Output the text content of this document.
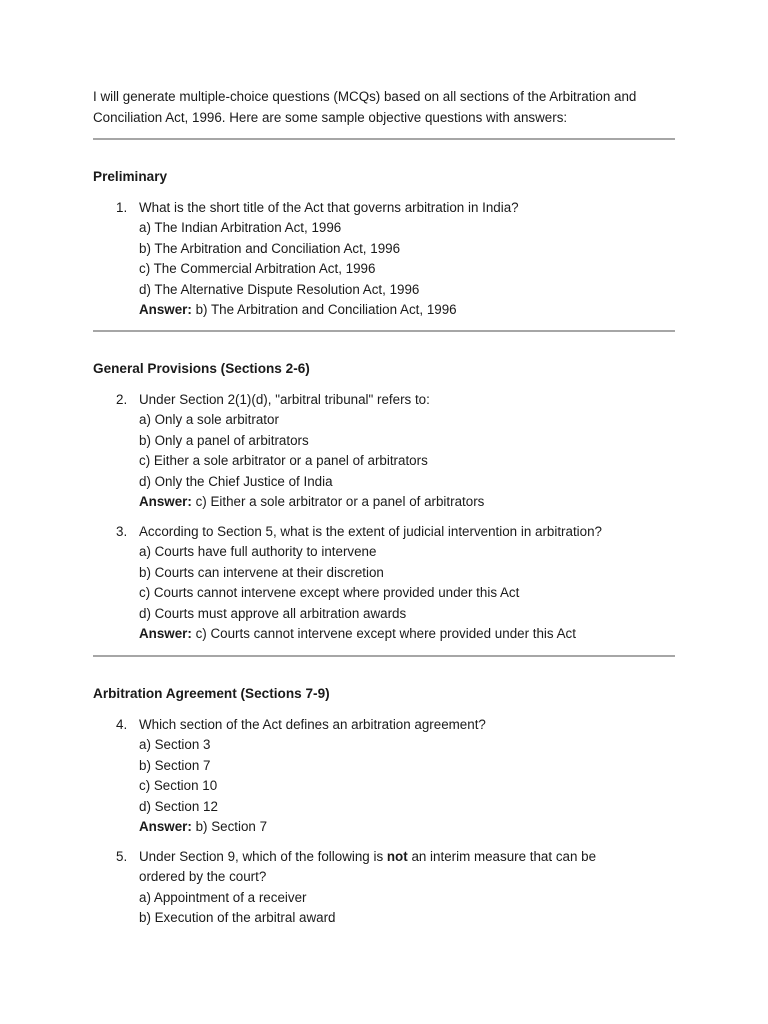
I will generate multiple-choice questions (MCQs) based on all sections of the Arbitration and Conciliation Act, 1996. Here are some sample objective questions with answers:

Preliminary
1. What is the short title of the Act that governs arbitration in India?
a) The Indian Arbitration Act, 1996
b) The Arbitration and Conciliation Act, 1996
c) The Commercial Arbitration Act, 1996
d) The Alternative Dispute Resolution Act, 1996
Answer: b) The Arbitration and Conciliation Act, 1996
General Provisions (Sections 2-6)
2. Under Section 2(1)(d), "arbitral tribunal" refers to:
a) Only a sole arbitrator
b) Only a panel of arbitrators
c) Either a sole arbitrator or a panel of arbitrators
d) Only the Chief Justice of India
Answer: c) Either a sole arbitrator or a panel of arbitrators
3. According to Section 5, what is the extent of judicial intervention in arbitration?
a) Courts have full authority to intervene
b) Courts can intervene at their discretion
c) Courts cannot intervene except where provided under this Act
d) Courts must approve all arbitration awards
Answer: c) Courts cannot intervene except where provided under this Act
Arbitration Agreement (Sections 7-9)
4. Which section of the Act defines an arbitration agreement?
a) Section 3
b) Section 7
c) Section 10
d) Section 12
Answer: b) Section 7
5. Under Section 9, which of the following is not an interim measure that can be
ordered by the court?
a) Appointment of a receiver
b) Execution of the arbitral award
